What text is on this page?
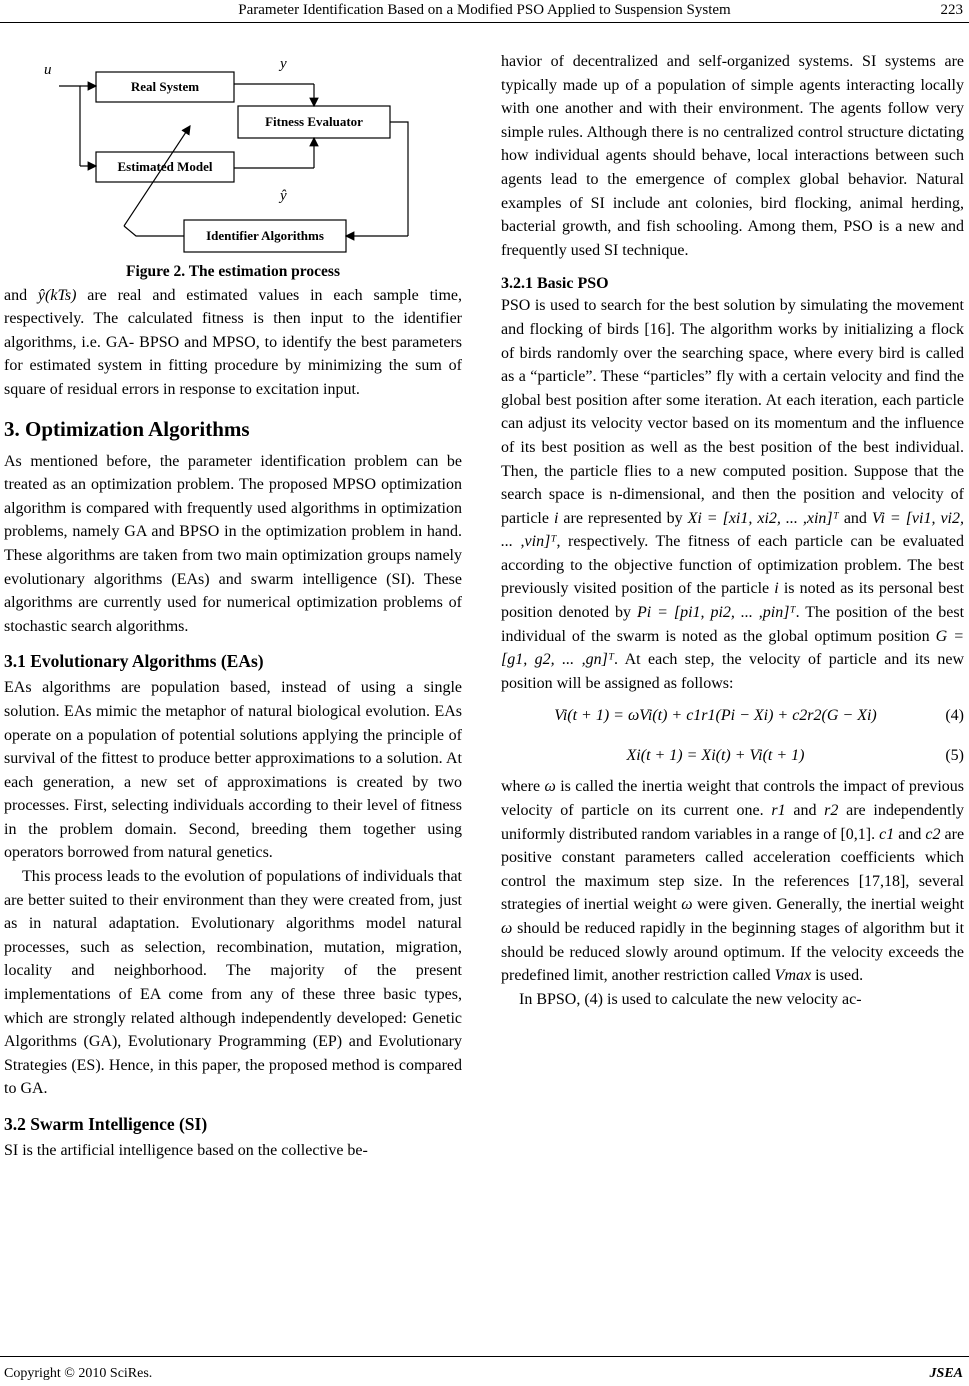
Parameter Identification Based on a Modified PSO Applied to Suspension System	223
u	y
ŷ
Real System
Fitness Evaluator
Estimated Model
Identifier Algorithms

Figure 2. The estimation process

and ŷ(kTs) are real and estimated values in each sample time, respectively. The calculated fitness is then input to the identifier algorithms, i.e. GA- BPSO and MPSO, to identify the best parameters for estimated system in fitting procedure by minimizing the sum of square of residual errors in response to excitation input.

3. Optimization Algorithms

As mentioned before, the parameter identification problem can be treated as an optimization problem. The proposed MPSO optimization algorithm is compared with frequently used algorithms in optimization problems, namely GA and BPSO in the optimization problem in hand. These algorithms are taken from two main optimization groups namely evolutionary algorithms (EAs) and swarm intelligence (SI). These algorithms are currently used for numerical optimization problems of stochastic search algorithms.

3.1 Evolutionary Algorithms (EAs)

EAs algorithms are population based, instead of using a single solution. EAs mimic the metaphor of natural biological evolution. EAs operate on a population of potential solutions applying the principle of survival of the fittest to produce better approximations to a solution. At each generation, a new set of approximations is created by two processes. First, selecting individuals according to their level of fitness in the problem domain. Second, breeding them together using operators borrowed from natural genetics.

This process leads to the evolution of populations of individuals that are better suited to their environment than they were created from, just as in natural adaptation. Evolutionary algorithms model natural processes, such as selection, recombination, mutation, migration, locality and neighborhood. The majority of the present implementations of EA come from any of these three basic types, which are strongly related although independently developed: Genetic Algorithms (GA), Evolutionary Programming (EP) and Evolutionary Strategies (ES). Hence, in this paper, the proposed method is compared to GA.

3.2 Swarm Intelligence (SI)

SI is the artificial intelligence based on the collective be-

havior of decentralized and self-organized systems. SI systems are typically made up of a population of simple agents interacting locally with one another and with their environment. The agents follow very simple rules. Although there is no centralized control structure dictating how individual agents should behave, local interactions between such agents lead to the emergence of complex global behavior. Natural examples of SI include ant colonies, bird flocking, animal herding, bacterial growth, and fish schooling. Among them, PSO is a new and frequently used SI technique.

3.2.1 Basic PSO

PSO is used to search for the best solution by simulating the movement and flocking of birds [16]. The algorithm works by initializing a flock of birds randomly over the searching space, where every bird is called as a “particle”. These “particles” fly with a certain velocity and find the global best position after some iteration. At each iteration, each particle can adjust its velocity vector based on its momentum and the influence of its best position as well as the best position of the best individual. Then, the particle flies to a new computed position. Suppose that the search space is n-dimensional, and then the position and velocity of particle i are represented by Xi = [xi1, xi2, ... ,xin]ᵀ and Vi = [vi1, vi2, ... ,vin]ᵀ, respectively. The fitness of each particle can be evaluated according to the objective function of optimization problem. The best previously visited position of the particle i is noted as its personal best position denoted by Pi = [pi1, pi2, ... ,pin]ᵀ. The position of the best individual of the swarm is noted as the global optimum position G = [g1, g2, ... ,gn]ᵀ. At each step, the velocity of particle and its new position will be assigned as follows:

Vi(t + 1) = ωVi(t) + c1r1(Pi − Xi) + c2r2(G − Xi)	(4)
Xi(t + 1) = Xi(t) + Vi(t + 1)	(5)

where ω is called the inertia weight that controls the impact of previous velocity of particle on its current one. r1 and r2 are independently uniformly distributed random variables in a range of [0,1]. c1 and c2 are positive constant parameters called acceleration coefficients which control the maximum step size. In the references [17,18], several strategies of inertial weight ω were given. Generally, the inertial weight ω should be reduced rapidly in the beginning stages of algorithm but it should be reduced slowly around optimum. If the velocity exceeds the predefined limit, another restriction called Vmax is used.

In BPSO, (4) is used to calculate the new velocity ac-

Copyright © 2010 SciRes.	JSEA
